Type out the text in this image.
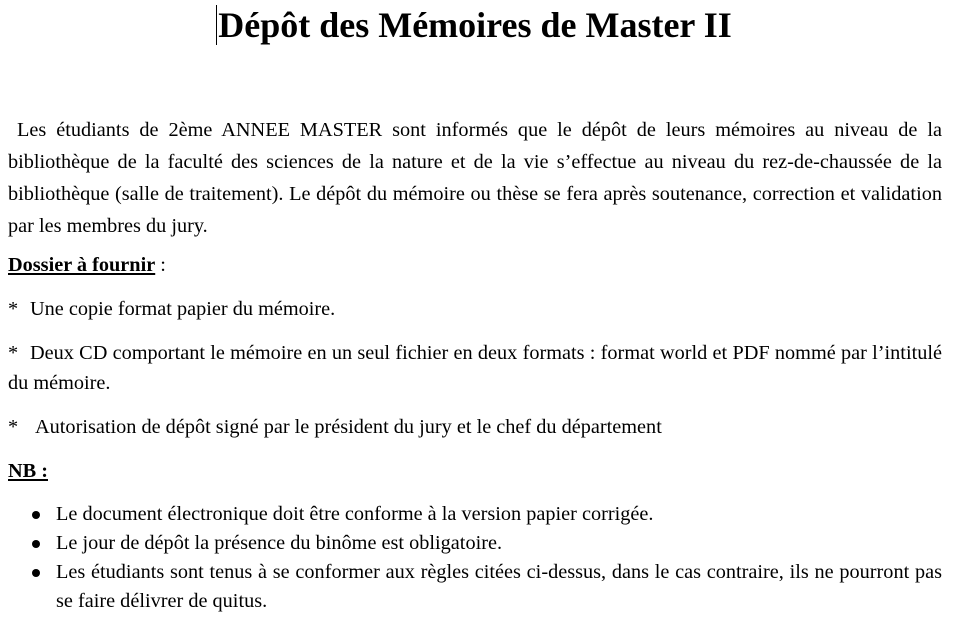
Dépôt des Mémoires de Master II

Les étudiants de 2ème ANNEE MASTER sont informés que le dépôt de leurs mémoires au niveau de la bibliothèque de la faculté des sciences de la nature et de la vie s’effectue au niveau du rez-de-chaussée de la bibliothèque (salle de traitement). Le dépôt du mémoire ou thèse se fera après soutenance, correction et validation par les membres du jury.

Dossier à fournir :
* Une copie format papier du mémoire.
* Deux CD comportant le mémoire en un seul fichier en deux formats : format world et PDF nommé par l’intitulé du mémoire.
* Autorisation de dépôt signé par le président du jury et le chef du département
NB :
Le document électronique doit être conforme à la version papier corrigée.
Le jour de dépôt la présence du binôme est obligatoire.
Les étudiants sont tenus à se conformer aux règles citées ci-dessus, dans le cas contraire, ils ne pourront pas se faire délivrer de quitus.
